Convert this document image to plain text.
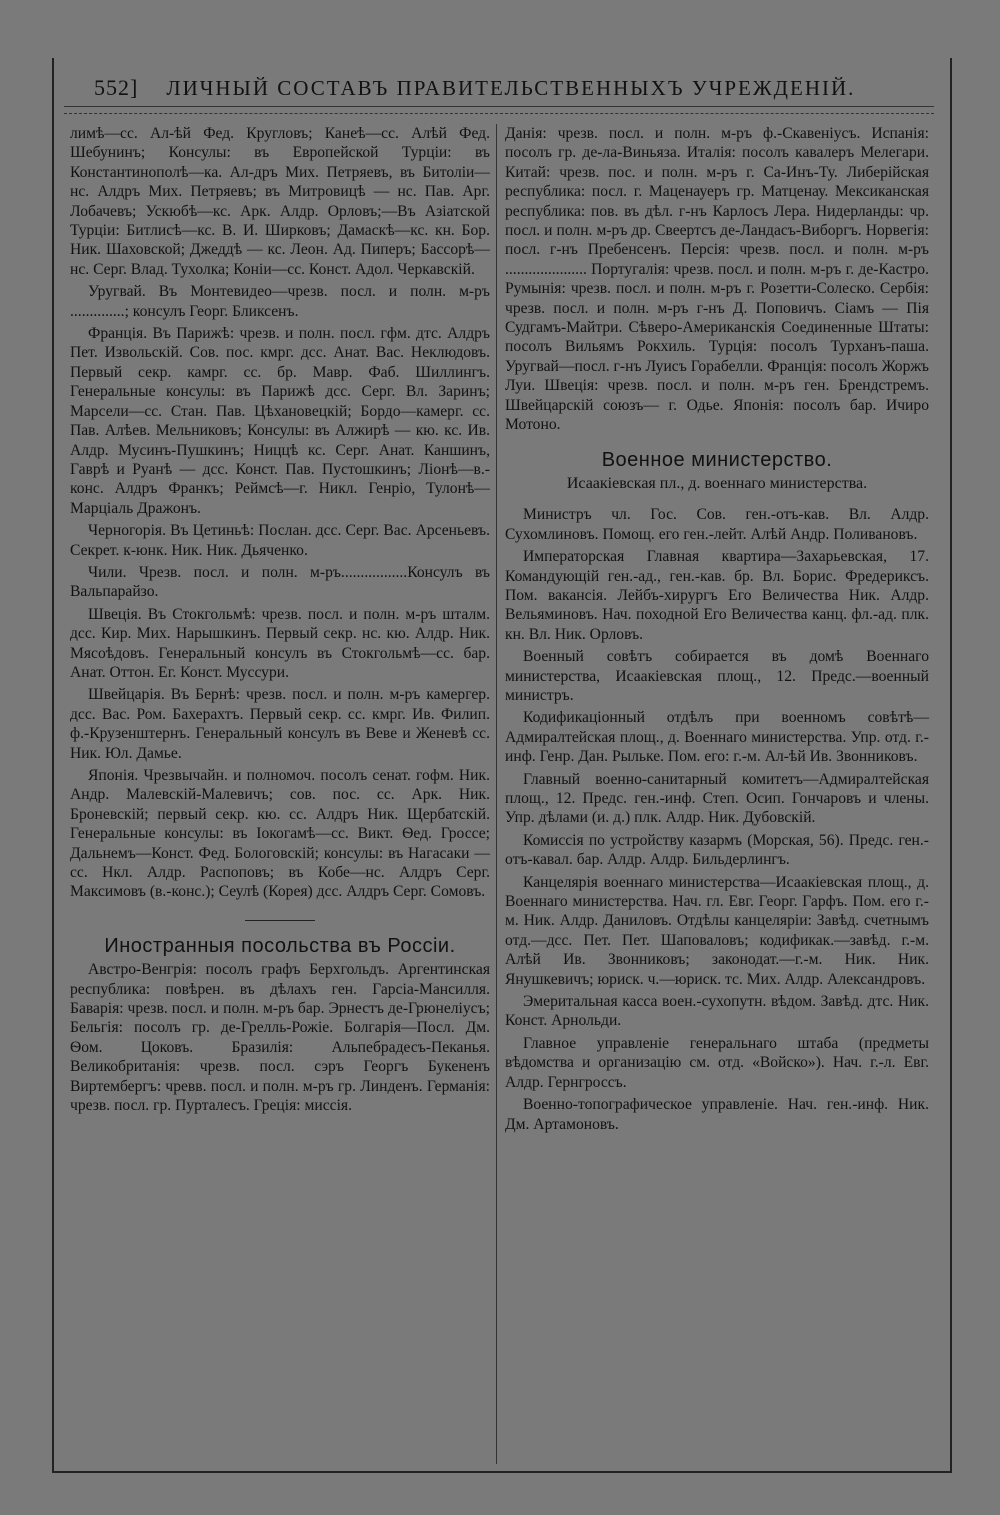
552] ЛИЧНЫЙ СОСТАВЪ ПРАВИТЕЛЬСТВЕННЫХЪ УЧРЕЖДЕНІЙ.

лимѣ—сс. Ал-ѣй Фед. Кругловъ; Канеѣ—сс. Алѣй Фед. Шебунинъ; Консулы: въ Европейской Турціи: въ Константинополѣ—ка. Ал-дръ Мих. Петряевъ, въ Битоліи—нс. Алдръ Мих. Петряевъ; въ Митровицѣ — нс. Пав. Арг. Лобачевъ; Ускюбѣ—кс. Арк. Алдр. Орловъ;—Въ Азіатской Турціи: Битлисѣ—кс. В. И. Ширковъ; Дамаскѣ—кс. кн. Бор. Ник. Шаховской; Джеддѣ — кс. Леон. Ад. Пиперъ; Бассорѣ—нс. Серг. Влад. Тухолка; Коніи—сс. Конст. Адол. Черкавскій.

Уругвай. Въ Монтевидео—чрезв. посл. и полн. м-ръ ..............; консулъ Георг. Бликсенъ.

Франція. Въ Парижѣ: чрезв. и полн. посл. гфм. дтс. Алдръ Пет. Извольскій. Сов. пос. кмрг. дсс. Анат. Вас. Неклюдовъ. Первый секр. камрг. сс. бр. Мавр. Фаб. Шиллингъ. Генеральные консулы: въ Парижѣ дсс. Серг. Вл. Заринъ; Марсели—сс. Стан. Пав. Цѣхановецкій; Бордо—камерг. сс. Пав. Алѣев. Мельниковъ; Консулы: въ Алжирѣ — кю. кс. Ив. Алдр. Мусинъ-Пушкинъ; Ниццѣ кс. Серг. Анат. Каншинъ, Гаврѣ и Руанѣ — дсс. Конст. Пав. Пустошкинъ; Ліонѣ—в.-конс. Алдръ Франкъ; Реймсѣ—г. Никл. Генріо, Тулонѣ—Марціаль Дражонъ.

Черногорія. Въ Цетиньѣ: Послан. дсс. Серг. Вас. Арсеньевъ. Секрет. к-юнк. Ник. Ник. Дьяченко.

Чили. Чрезв. посл. и полн. м-ръ.................Консулъ въ Вальпарайзо.

Швеція. Въ Стокгольмѣ: чрезв. посл. и полн. м-ръ шталм. дсс. Кир. Мих. Нарышкинъ. Первый секр. нс. кю. Алдр. Ник. Мясоѣдовъ. Генеральный консулъ въ Стокгольмѣ—сс. бар. Анат. Оттон. Ег. Конст. Муссури.

Швейцарія. Въ Бернѣ: чрезв. посл. и полн. м-ръ камергер. дсс. Вас. Ром. Бахерахтъ. Первый секр. сс. кмрг. Ив. Филип. ф.-Крузенштернъ. Генеральный консулъ въ Веве и Женевѣ сс. Ник. Юл. Дамье.

Японія. Чрезвычайн. и полномоч. посолъ сенат. гофм. Ник. Андр. Малевскій-Малевичъ; сов. пос. сс. Арк. Ник. Броневскій; первый секр. кю. сс. Алдръ Ник. Щербатскій. Генеральные консулы: въ Іокогамѣ—сс. Викт. Ѳед. Гроссе; Дальнемъ—Конст. Фед. Бологовскій; консулы: въ Нагасаки — сс. Нкл. Алдр. Распоповъ; въ Кобе—нс. Алдръ Серг. Максимовъ (в.-конс.); Сеулѣ (Корея) дсс. Алдръ Серг. Сомовъ.

Иностранныя посольства въ Россіи.

Австро-Венгрія: посолъ графъ Берхгольдъ. Аргентинская республика: повѣрен. въ дѣлахъ ген. Гарсіа-Мансилля. Баварія: чрезв. посл. и полн. м-ръ бар. Эрнестъ де-Грюнеліусъ; Бельгія: посолъ гр. де-Грелль-Рожіе. Болгарія—Посл. Дм. Ѳом. Цоковъ. Бразилія: Альпебрадесъ-Пеканья. Великобританія: чрезв. посл. сэръ Георгъ Букененъ Виртембергъ: чревв. посл. и полн. м-ръ гр. Линденъ. Германія: чрезв. посл. гр. Пурталесъ. Греція: миссія.

Данія: чрезв. посл. и полн. м-ръ ф.-Скавеніусъ. Испанія: посолъ гр. де-ла-Виньяза. Италія: посолъ кавалеръ Мелегари. Китай: чрезв. пос. и полн. м-ръ г. Са-Инъ-Ту. Либерійская республика: посл. г. Маценауеръ гр. Матценау. Мексиканская республика: пов. въ дѣл. г-нъ Карлосъ Лера. Нидерланды: чр. посл. и полн. м-ръ др. Свеертсъ де-Ландасъ-Виборгъ. Норвегія: посл. г-нъ Пребенсенъ. Персія: чрезв. посл. и полн. м-ръ ..................... Португалія: чрезв. посл. и полн. м-ръ г. де-Кастро. Румынія: чрезв. посл. и полн. м-ръ г. Розетти-Солеско. Сербія: чрезв. посл. и полн. м-ръ г-нъ Д. Поповичъ. Сіамъ — Пія Судгамъ-Майтри. Сѣверо-Американскія Соединенные Штаты: посолъ Вильямъ Рокхиль. Турція: посолъ Турханъ-паша. Уругвай—посл. г-нъ Луисъ Горабелли. Франція: посолъ Жоржъ Луи. Швеція: чрезв. посл. и полн. м-ръ ген. Брендстремъ. Швейцарскій союзъ— г. Одье. Японія: посолъ бар. Ичиро Мотоно.

Военное министерство.
Исаакіевская пл., д. военнаго министерства.

Министръ чл. Гос. Сов. ген.-отъ-кав. Вл. Алдр. Сухомлиновъ. Помощ. его ген.-лейт. Алѣй Андр. Поливановъ.

Императорская Главная квартира—Захарьевская, 17. Командующій ген.-ад., ген.-кав. бр. Вл. Борис. Фредериксъ. Пом. вакансія. Лейбъ-хирургъ Его Величества Ник. Алдр. Вельяминовъ. Нач. походной Его Величества канц. фл.-ад. плк. кн. Вл. Ник. Орловъ.

Военный совѣтъ собирается въ домѣ Военнаго министерства, Исаакіевская площ., 12. Предс.—военный министръ.

Кодификаціонный отдѣлъ при военномъ совѣтѣ—Адмиралтейская площ., д. Военнаго министерства. Упр. отд. г.-инф. Генр. Дан. Рыльке. Пом. его: г.-м. Ал-ѣй Ив. Звонниковъ.

Главный военно-санитарный комитетъ—Адмиралтейская площ., 12. Предс. ген.-инф. Степ. Осип. Гончаровъ и члены. Упр. дѣлами (и. д.) плк. Алдр. Ник. Дубовскій.

Комиссія по устройству казармъ (Морская, 56). Предс. ген.-отъ-кавал. бар. Алдр. Алдр. Бильдерлингъ.

Канцелярія военнаго министерства—Исаакіевская площ., д. Военнаго министерства. Нач. гл. Евг. Георг. Гарфъ. Пом. его г.-м. Ник. Алдр. Даниловъ. Отдѣлы канцеляріи: Завѣд. счетнымъ отд.—дсс. Пет. Пет. Шаповаловъ; кодификак.—завѣд. г.-м. Алѣй Ив. Звонниковъ; законодат.—г.-м. Ник. Ник. Янушкевичъ; юриск. ч.—юриск. тс. Мих. Алдр. Александровъ.

Эмеритальная касса воен.-сухопутн. вѣдом. Завѣд. дтс. Ник. Конст. Арнольди.

Главное управленіе генеральнаго штаба (предметы вѣдомства и организацію см. отд. «Войско»). Нач. г.-л. Евг. Алдр. Гернгроссъ.

Военно-топографическое управленіе. Нач. ген.-инф. Ник. Дм. Артамоновъ.
